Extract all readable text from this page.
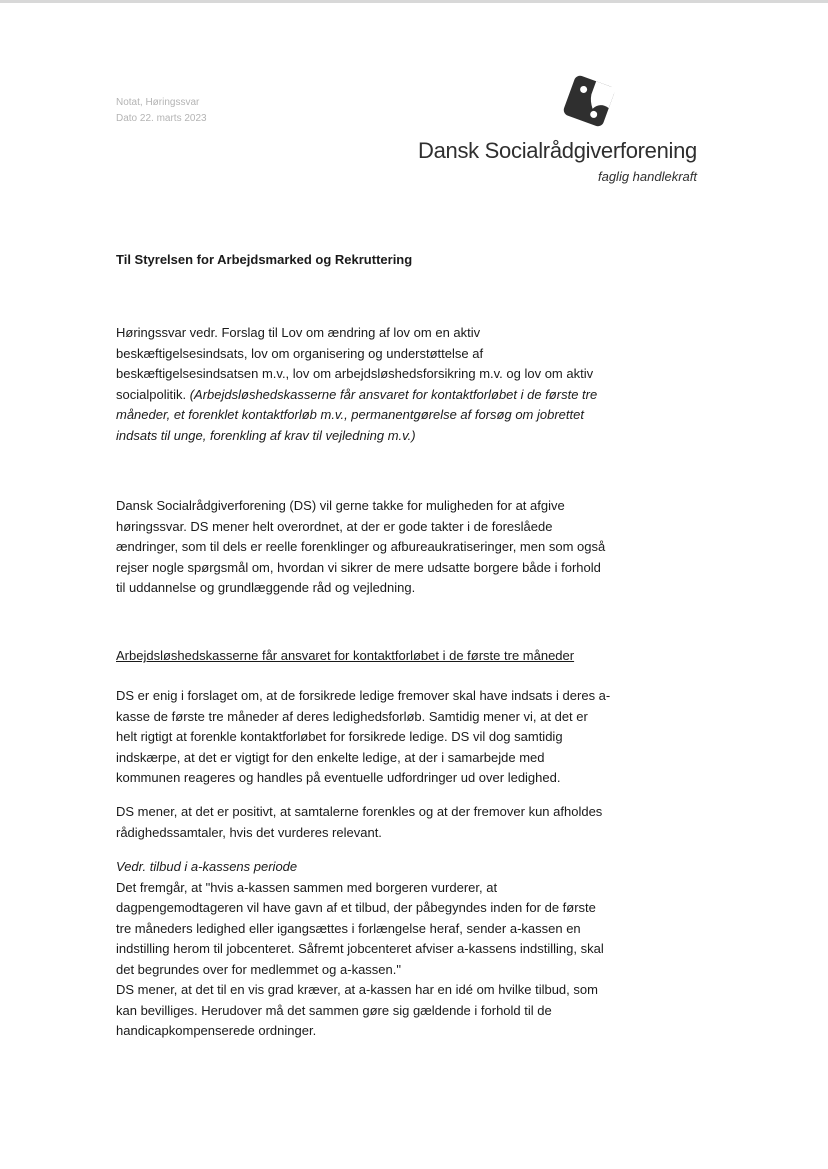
Notat, Høringssvar
Dato 22. marts 2023
Dansk Socialrådgiverforening
faglig handlekraft
Til Styrelsen for Arbejdsmarked og Rekruttering

Høringssvar vedr. Forslag til Lov om ændring af lov om en aktiv

beskæftigelsesindsats, lov om organisering og understøttelse af

beskæftigelsesindsatsen m.v., lov om arbejdsløshedsforsikring m.v. og lov om aktiv

socialpolitik. (Arbejdsløshedskasserne får ansvaret for kontaktforløbet i de første tre

måneder, et forenklet kontaktforløb m.v., permanentgørelse af forsøg om jobrettet

indsats til unge, forenkling af krav til vejledning m.v.)

Dansk Socialrådgiverforening (DS) vil gerne takke for muligheden for at afgive

høringssvar. DS mener helt overordnet, at der er gode takter i de foreslåede

ændringer, som til dels er reelle forenklinger og afbureaukratiseringer, men som også

rejser nogle spørgsmål om, hvordan vi sikrer de mere udsatte borgere både i forhold

til uddannelse og grundlæggende råd og vejledning.

Arbejdsløshedskasserne får ansvaret for kontaktforløbet i de første tre måneder

DS er enig i forslaget om, at de forsikrede ledige fremover skal have indsats i deres a-

kasse de første tre måneder af deres ledighedsforløb. Samtidig mener vi, at det er

helt rigtigt at forenkle kontaktforløbet for forsikrede ledige. DS vil dog samtidig

indskærpe, at det er vigtigt for den enkelte ledige, at der i samarbejde med

kommunen reageres og handles på eventuelle udfordringer ud over ledighed.

DS mener, at det er positivt, at samtalerne forenkles og at der fremover kun afholdes

rådighedssamtaler, hvis det vurderes relevant.

Vedr. tilbud i a-kassens periode

Det fremgår, at "hvis a-kassen sammen med borgeren vurderer, at

dagpengemodtageren vil have gavn af et tilbud, der påbegyndes inden for de første

tre måneders ledighed eller igangsættes i forlængelse heraf, sender a-kassen en

indstilling herom til jobcenteret. Såfremt jobcenteret afviser a-kassens indstilling, skal

det begrundes over for medlemmet og a-kassen."

DS mener, at det til en vis grad kræver, at a-kassen har en idé om hvilke tilbud, som

kan bevilliges. Herudover må det sammen gøre sig gældende i forhold til de

handicapkompenserede ordninger.
